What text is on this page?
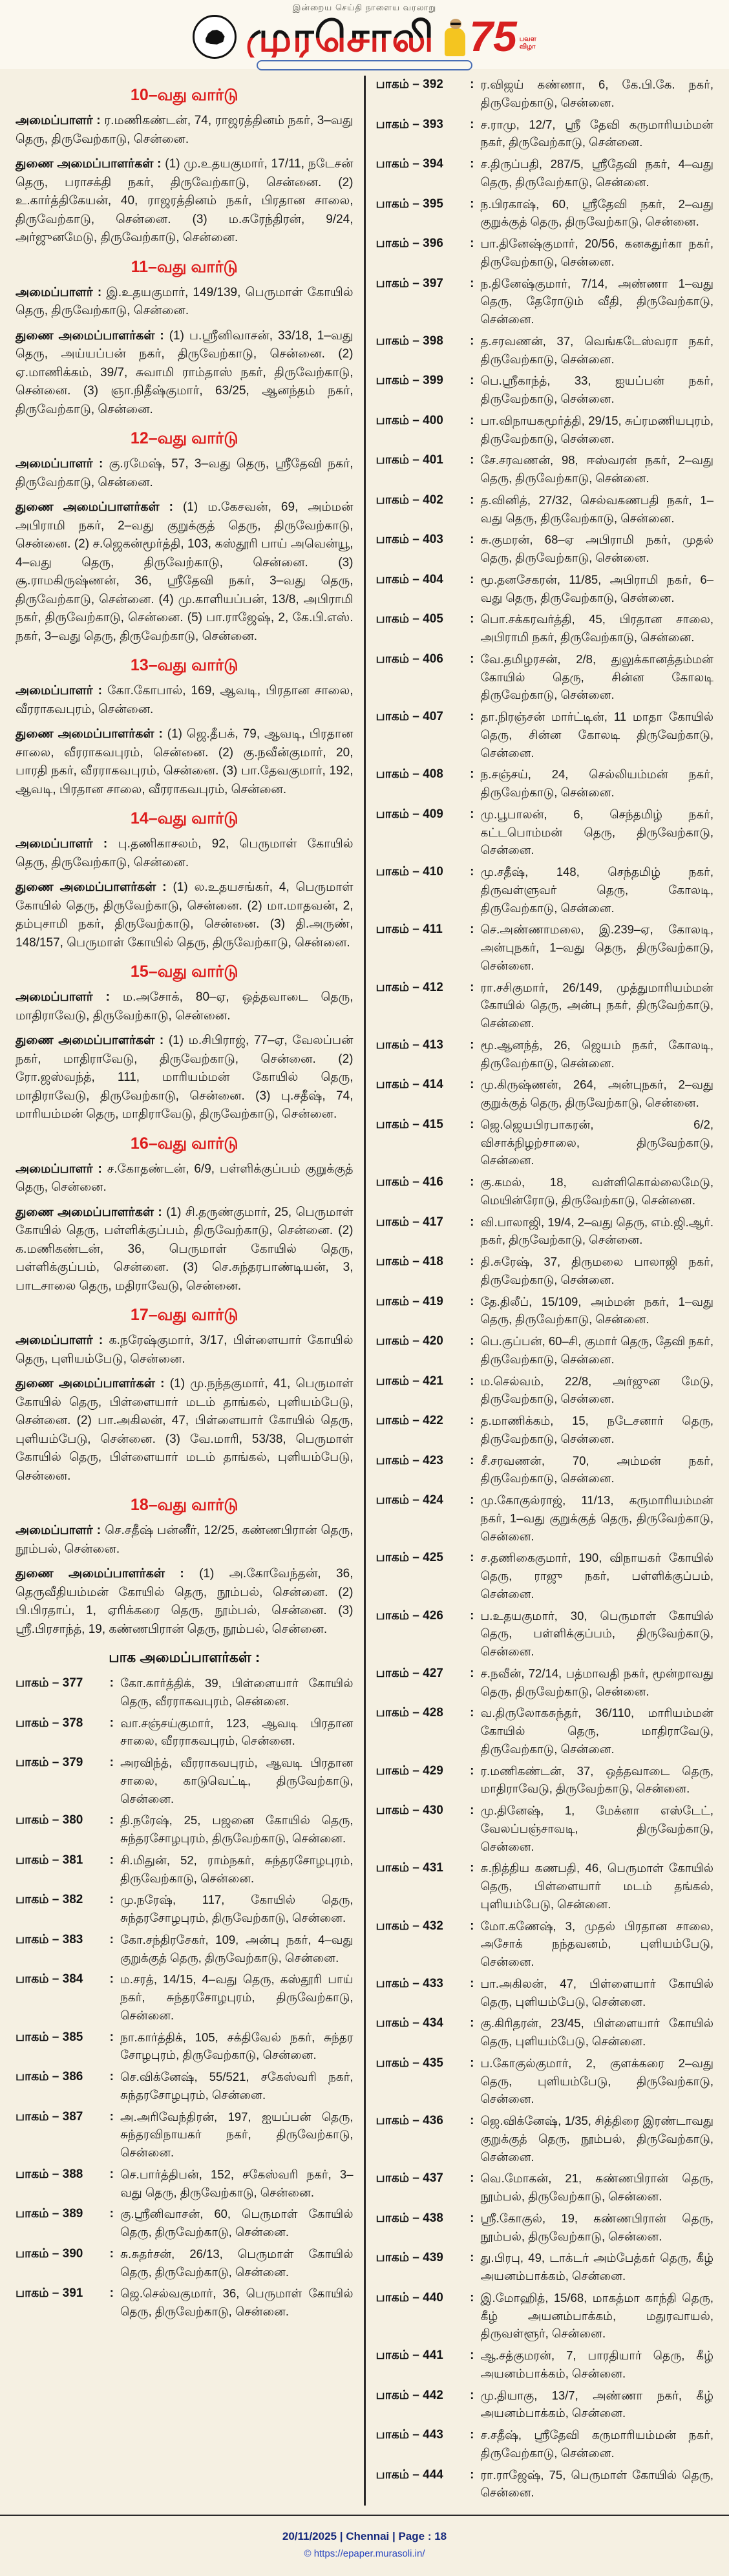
இன்றைய செய்தி நாளைய வரலாறு
முரசொலி 75 பவள
விழா
10–வது வார்டு

அமைப்பாளர் : ர.மணிகண்டன், 74, ராஜரத்தினம் நகர், 3–வது தெரு, திருவேற்காடு, சென்னை.

துணை அமைப்பாளர்கள் : (1) மு.உதயகுமார், 17/11, நடேசன் தெரு, பராசக்தி நகர், திருவேற்காடு, சென்னை. (2) உ.கார்த்திகேயன், 40, ராஜரத்தினம் நகர், பிரதான சாலை, திருவேற்காடு, சென்னை. (3) ம.சுரேந்திரன், 9/24, அர்ஜுனமேடு, திருவேற்காடு, சென்னை.

11–வது வார்டு

அமைப்பாளர் : இ.உதயகுமார், 149/139, பெருமாள் கோயில் தெரு, திருவேற்காடு, சென்னை.

துணை அமைப்பாளர்கள் : (1) ப.ஸ்ரீனிவாசன், 33/18, 1–வது தெரு, அய்யப்பன் நகர், திருவேற்காடு, சென்னை. (2) ஏ.மாணிக்கம், 39/7, சுவாமி ராம்தாஸ் நகர், திருவேற்காடு, சென்னை. (3) ஞா.நிதீஷ்குமார், 63/25, ஆனந்தம் நகர், திருவேற்காடு, சென்னை.

12–வது வார்டு

அமைப்பாளர் : கு.ரமேஷ், 57, 3–வது தெரு, ஸ்ரீதேவி நகர், திருவேற்காடு, சென்னை.

துணை அமைப்பாளர்கள் : (1) ம.கேசவன், 69, அம்மன் அபிராமி நகர், 2–வது குறுக்குத் தெரு, திருவேற்காடு, சென்னை. (2) ச.ஜெகன்மூர்த்தி, 103, கஸ்தூரி பாய் அவென்யூ, 4–வது தெரு, திருவேற்காடு, சென்னை. (3) சூ.ராமகிருஷ்ணன், 36, ஸ்ரீதேவி நகர், 3–வது தெரு, திருவேற்காடு, சென்னை. (4) மு.காளியப்பன், 13/8, அபிராமி நகர், திருவேற்காடு, சென்னை. (5) பா.ராஜேஷ், 2, கே.பி.எஸ். நகர், 3–வது தெரு, திருவேற்காடு, சென்னை.

13–வது வார்டு

அமைப்பாளர் : கோ.கோபால், 169, ஆவடி, பிரதான சாலை, வீரராகவபுரம், சென்னை.

துணை அமைப்பாளர்கள் : (1) ஜெ.தீபக், 79, ஆவடி, பிரதான சாலை, வீரராகவபுரம், சென்னை. (2) கு.நவீன்குமார், 20, பாரதி நகர், வீரராகவபுரம், சென்னை. (3) பா.தேவகுமார், 192, ஆவடி, பிரதான சாலை, வீரராகவபுரம், சென்னை.

14–வது வார்டு

அமைப்பாளர் : பு.தணிகாசலம், 92, பெருமாள் கோயில் தெரு, திருவேற்காடு, சென்னை.

துணை அமைப்பாளர்கள் : (1) ல.உதயசங்கர், 4, பெருமாள் கோயில் தெரு, திருவேற்காடு, சென்னை. (2) மா.மாதவன், 2, தம்புசாமி நகர், திருவேற்காடு, சென்னை. (3) தி.அருண், 148/157, பெருமாள் கோயில் தெரு, திருவேற்காடு, சென்னை.

15–வது வார்டு

அமைப்பாளர் : ம.அசோக், 80–ஏ, ஒத்தவாடை தெரு, மாதிராவேடு, திருவேற்காடு, சென்னை.

துணை அமைப்பாளர்கள் : (1) ம.சிபிராஜ், 77–ஏ, வேலப்பன் நகர், மாதிராவேடு, திருவேற்காடு, சென்னை. (2) ரோ.ஜஸ்வந்த், 111, மாரியம்மன் கோயில் தெரு, மாதிராவேடு, திருவேற்காடு, சென்னை. (3) பு.சதீஷ், 74, மாரியம்மன் தெரு, மாதிராவேடு, திருவேற்காடு, சென்னை.

16–வது வார்டு

அமைப்பாளர் : ச.கோதண்டன், 6/9, பள்ளிக்குப்பம் குறுக்குத் தெரு, சென்னை.

துணை அமைப்பாளர்கள் : (1) சி.தருண்குமார், 25, பெருமாள் கோயில் தெரு, பள்ளிக்குப்பம், திருவேற்காடு, சென்னை. (2) க.மணிகண்டன், 36, பெருமாள் கோயில் தெரு, பள்ளிக்குப்பம், சென்னை. (3) செ.சுந்தரபாண்டியன், 3, பாடசாலை தெரு, மதிராவேடு, சென்னை.

17–வது வார்டு

அமைப்பாளர் : க.நரேஷ்குமார், 3/17, பிள்ளையார் கோயில் தெரு, புளியம்பேடு, சென்னை.

துணை அமைப்பாளர்கள் : (1) மு.நந்தகுமார், 41, பெருமாள் கோயில் தெரு, பிள்ளையார் மடம் தாங்கல், புளியம்பேடு, சென்னை. (2) பா.அகிலன், 47, பிள்ளையார் கோயில் தெரு, புளியம்பேடு, சென்னை. (3) வே.மாரி, 53/38, பெருமாள் கோயில் தெரு, பிள்ளையார் மடம் தாங்கல், புளியம்பேடு, சென்னை.

18–வது வார்டு

அமைப்பாளர் : செ.சதீஷ் பன்னீர், 12/25, கண்ணபிரான் தெரு, நூம்பல், சென்னை.

துணை அமைப்பாளர்கள் : (1) அ.கோவேந்தன், 36, தெருவீதியம்மன் கோயில் தெரு, நூம்பல், சென்னை. (2) பி.பிரதாப், 1, ஏரிக்கரை தெரு, நூம்பல், சென்னை. (3) ஸ்ரீ.பிரசாந்த், 19, கண்ணபிரான் தெரு, நூம்பல், சென்னை.

பாக அமைப்பாளர்கள் :
பாகம் – 377 : கோ.கார்த்திக், 39, பிள்ளையார் கோயில் தெரு, வீரராகவபுரம், சென்னை.
பாகம் – 378 : வா.சஞ்சய்குமார், 123, ஆவடி பிரதான சாலை, வீரராகவபுரம், சென்னை.
பாகம் – 379 : அரவிந்த், வீரராகவபுரம், ஆவடி பிரதான சாலை, காடுவெட்டி, திருவேற்காடு, சென்னை.
பாகம் – 380 : தி.நரேஷ், 25, பஜனை கோயில் தெரு, சுந்தரசோழபுரம், திருவேற்காடு, சென்னை.
பாகம் – 381 : சி.மிதுன், 52, ராம்நகர், சுந்தரசோழபுரம், திருவேற்காடு, சென்னை.
பாகம் – 382 : மு.நரேஷ், 117, கோயில் தெரு, சுந்தரசோழபுரம், திருவேற்காடு, சென்னை.
பாகம் – 383 : கோ.சந்திரசேகர், 109, அன்பு நகர், 4–வது குறுக்குத் தெரு, திருவேற்காடு, சென்னை.
பாகம் – 384 : ம.சரத், 14/15, 4–வது தெரு, கஸ்தூரி பாய் நகர், சுந்தரசோழபுரம், திருவேற்காடு, சென்னை.
பாகம் – 385 : நா.கார்த்திக், 105, சக்திவேல் நகர், சுந்தர சோழபுரம், திருவேற்காடு, சென்னை.
பாகம் – 386 : செ.விக்னேஷ், 55/521, சகேஸ்வரி நகர், சுந்தரசோழபுரம், சென்னை.
பாகம் – 387 : அ.அரிவேந்திரன், 197, ஐயப்பன் தெரு, சுந்தரவிநாயகர் நகர், திருவேற்காடு, சென்னை.
பாகம் – 388 : செ.பார்த்திபன், 152, சகேஸ்வரி நகர், 3–வது தெரு, திருவேற்காடு, சென்னை.
பாகம் – 389 : கு.ஸ்ரீனிவாசன், 60, பெருமாள் கோயில் தெரு, திருவேற்காடு, சென்னை.
பாகம் – 390 : சு.சுதர்சன், 26/13, பெருமாள் கோயில் தெரு, திருவேற்காடு, சென்னை.
பாகம் – 391 : ஜெ.செல்வகுமார், 36, பெருமாள் கோயில் தெரு, திருவேற்காடு, சென்னை.
பாகம் – 392 : ர.விஜய் கண்ணா, 6, கே.பி.கே. நகர், திருவேற்காடு, சென்னை.
பாகம் – 393 : ச.ராமு, 12/7, ஸ்ரீ தேவி கருமாரியம்மன் நகர், திருவேற்காடு, சென்னை.
பாகம் – 394 : ச.திருப்பதி, 287/5, ஸ்ரீதேவி நகர், 4–வது தெரு, திருவேற்காடு, சென்னை.
பாகம் – 395 : ந.பிரகாஷ், 60, ஸ்ரீதேவி நகர், 2–வது குறுக்குத் தெரு, திருவேற்காடு, சென்னை.
பாகம் – 396 : பா.தினேஷ்குமார், 20/56, கனகதுர்கா நகர், திருவேற்காடு, சென்னை.
பாகம் – 397 : ந.தினேஷ்குமார், 7/14, அண்ணா 1–வது தெரு, தேரோடும் வீதி, திருவேற்காடு, சென்னை.
பாகம் – 398 : த.சரவணன், 37, வெங்கடேஸ்வரா நகர், திருவேற்காடு, சென்னை.
பாகம் – 399 : பெ.ஸ்ரீகாந்த், 33, ஐயப்பன் நகர், திருவேற்காடு, சென்னை.
பாகம் – 400 : பா.விநாயகமூர்த்தி, 29/15, சுப்ரமணியபுரம், திருவேற்காடு, சென்னை.
பாகம் – 401 : சே.சரவணன், 98, ஈஸ்வரன் நகர், 2–வது தெரு, திருவேற்காடு, சென்னை.
பாகம் – 402 : த.வினித், 27/32, செல்வகணபதி நகர், 1–வது தெரு, திருவேற்காடு, சென்னை.
பாகம் – 403 : சு.குமரன், 68–ஏ அபிராமி நகர், முதல் தெரு, திருவேற்காடு, சென்னை.
பாகம் – 404 : மூ.தனசேகரன், 11/85, அபிராமி நகர், 6–வது தெரு, திருவேற்காடு, சென்னை.
பாகம் – 405 : பொ.சக்கரவர்த்தி, 45, பிரதான சாலை, அபிராமி நகர், திருவேற்காடு, சென்னை.
பாகம் – 406 : வே.தமிழரசன், 2/8, துலுக்கானத்தம்மன் கோயில் தெரு, சின்ன கோலடி திருவேற்காடு, சென்னை.
பாகம் – 407 : தா.நிரஞ்சன் மார்ட்டின், 11 மாதா கோயில் தெரு, சின்ன கோலடி திருவேற்காடு, சென்னை.
பாகம் – 408 : ந.சஞ்சய், 24, செல்லியம்மன் நகர், திருவேற்காடு, சென்னை.
பாகம் – 409 : மு.பூபாலன், 6, செந்தமிழ் நகர், கட்டபொம்மன் தெரு, திருவேற்காடு, சென்னை.
பாகம் – 410 : மு.சதீஷ், 148, செந்தமிழ் நகர், திருவள்ளுவர் தெரு, கோலடி, திருவேற்காடு, சென்னை.
பாகம் – 411 : செ.அண்ணாமலை, இ.239–ஏ, கோலடி, அன்புநகர், 1–வது தெரு, திருவேற்காடு, சென்னை.
பாகம் – 412 : ரா.சசிகுமார், 26/149, முத்துமாரியம்மன் கோயில் தெரு, அன்பு நகர், திருவேற்காடு, சென்னை.
பாகம் – 413 : மூ.ஆனந்த், 26, ஜெயம் நகர், கோலடி, திருவேற்காடு, சென்னை.
பாகம் – 414 : மு.கிருஷ்ணன், 264, அன்புநகர், 2–வது குறுக்குத் தெரு, திருவேற்காடு, சென்னை.
பாகம் – 415 : ஜெ.ஜெயபிரபாகரன், 6/2, விசாக்நிழற்சாலை, திருவேற்காடு, சென்னை.
பாகம் – 416 : கு.கமல், 18, வள்ளிகொல்லைமேடு, மெயின்ரோடு, திருவேற்காடு, சென்னை.
பாகம் – 417 : வி.பாலாஜி, 19/4, 2–வது தெரு, எம்.ஜி.ஆர். நகர், திருவேற்காடு, சென்னை.
பாகம் – 418 : தி.சுரேஷ், 37, திருமலை பாலாஜி நகர், திருவேற்காடு, சென்னை.
பாகம் – 419 : தே.திலீப், 15/109, அம்மன் நகர், 1–வது தெரு, திருவேற்காடு, சென்னை.
பாகம் – 420 : பெ.குப்பன், 60–சி, குமார் தெரு, தேவி நகர், திருவேற்காடு, சென்னை.
பாகம் – 421 : ம.செல்வம், 22/8, அர்ஜுன மேடு, திருவேற்காடு, சென்னை.
பாகம் – 422 : த.மாணிக்கம், 15, நடேசனார் தெரு, திருவேற்காடு, சென்னை.
பாகம் – 423 : சீ.சரவணன், 70, அம்மன் நகர், திருவேற்காடு, சென்னை.
பாகம் – 424 : மு.கோகுல்ராஜ், 11/13, கருமாரியம்மன் நகர், 1–வது குறுக்குத் தெரு, திருவேற்காடு, சென்னை.
பாகம் – 425 : ச.தணிகைகுமார், 190, விநாயகர் கோயில் தெரு, ராஜு நகர், பள்ளிக்குப்பம், சென்னை.
பாகம் – 426 : ப.உதயகுமார், 30, பெருமாள் கோயில் தெரு, பள்ளிக்குப்பம், திருவேற்காடு, சென்னை.
பாகம் – 427 : ச.நவீன், 72/14, பத்மாவதி நகர், மூன்றாவது தெரு, திருவேற்காடு, சென்னை.
பாகம் – 428 : வ.திருலோகசுந்தர், 36/110, மாரியம்மன் கோயில் தெரு, மாதிராவேடு, திருவேற்காடு, சென்னை.
பாகம் – 429 : ர.மணிகண்டன், 37, ஒத்தவாடை தெரு, மாதிராவேடு, திருவேற்காடு, சென்னை.
பாகம் – 430 : மு.தினேஷ், 1, மேக்னா எஸ்டேட், வேலப்பஞ்சாவடி, திருவேற்காடு, சென்னை.
பாகம் – 431 : சு.நித்திய கணபதி, 46, பெருமாள் கோயில் தெரு, பிள்ளையார் மடம் தங்கல், புளியம்பேடு, சென்னை.
பாகம் – 432 : மோ.கணேஷ், 3, முதல் பிரதான சாலை, அசோக் நந்தவனம், புளியம்பேடு, சென்னை.
பாகம் – 433 : பா.அகிலன், 47, பிள்ளையார் கோயில் தெரு, புளியம்பேடு, சென்னை.
பாகம் – 434 : கு.கிரிதரன், 23/45, பிள்ளையார் கோயில் தெரு, புளியம்பேடு, சென்னை.
பாகம் – 435 : ப.கோகுல்குமார், 2, குளக்கரை 2–வது தெரு, புளியம்பேடு, திருவேற்காடு, சென்னை.
பாகம் – 436 : ஜெ.விக்னேஷ், 1/35, சித்திரை இரண்டாவது குறுக்குத் தெரு, நூம்பல், திருவேற்காடு, சென்னை.
பாகம் – 437 : வெ.மோகன், 21, கண்ணபிரான் தெரு, நூம்பல், திருவேற்காடு, சென்னை.
பாகம் – 438 : ஸ்ரீ.கோகுல், 19, கண்ணபிரான் தெரு, நூம்பல், திருவேற்காடு, சென்னை.
பாகம் – 439 : து.பிரபு, 49, டாக்டர் அம்பேத்கர் தெரு, கீழ் அயனம்பாக்கம், சென்னை.
பாகம் – 440 : இ.மோஹித், 15/68, மாகத்மா காந்தி தெரு, கீழ் அயனம்பாக்கம், மதுரவாயல், திருவள்ளூர், சென்னை.
பாகம் – 441 : ஆ.சத்குமரன், 7, பாரதியார் தெரு, கீழ் அயனம்பாக்கம், சென்னை.
பாகம் – 442 : மு.தியாகு, 13/7, அண்ணா நகர், கீழ் அயனம்பாக்கம், சென்னை.
பாகம் – 443 : ச.சதீஷ், ஸ்ரீதேவி கருமாரியம்மன் நகர், திருவேற்காடு, சென்னை.
பாகம் – 444 : ரா.ராஜேஷ், 75, பெருமாள் கோயில் தெரு, சென்னை.
20/11/2025 | Chennai | Page : 18
© https://epaper.murasoli.in/
